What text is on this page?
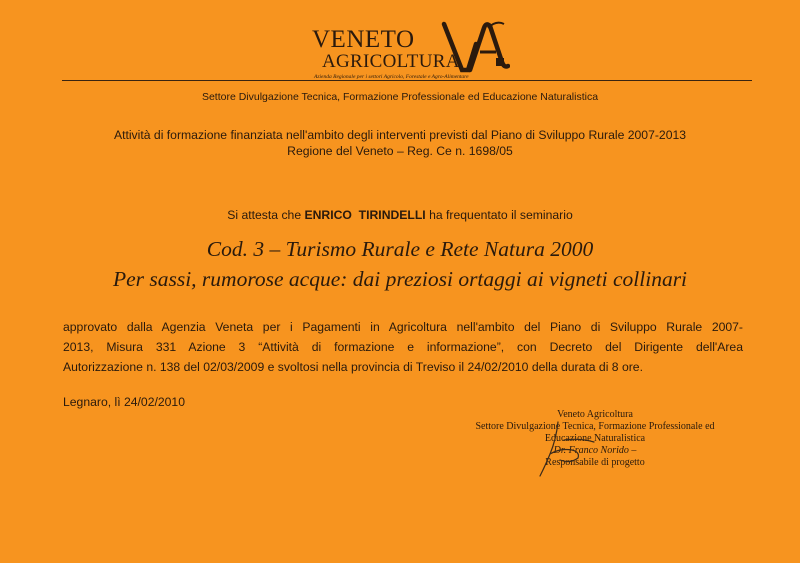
VENETO
AGRICOLTURA
Azienda Regionale per i settori Agricolo, Forestale e Agro-Alimentare
Settore Divulgazione Tecnica, Formazione Professionale ed Educazione Naturalistica
Attività di formazione finanziata nell'ambito degli interventi previsti dal Piano di Sviluppo Rurale 2007-2013
Regione del Veneto – Reg. Ce n. 1698/05
Si attesta che ENRICO  TIRINDELLI ha frequentato il seminario
Cod. 3 – Turismo Rurale e Rete Natura 2000
Per sassi, rumorose acque: dai preziosi ortaggi ai vigneti collinari
approvato dalla Agenzia Veneta per i Pagamenti in Agricoltura nell'ambito del Piano di Sviluppo Rurale 2007-
2013, Misura 331 Azione 3 “Attività di formazione e informazione”, con Decreto del Dirigente dell'Area
Autorizzazione n. 138 del 02/03/2009 e svoltosi nella provincia di Treviso il 24/02/2010 della durata di 8 ore.
Legnaro, lì 24/02/2010
Veneto Agricoltura
Settore Divulgazione Tecnica, Formazione Professionale ed
Educazione Naturalistica
Dr. Franco Norido –
Responsabile di progetto
